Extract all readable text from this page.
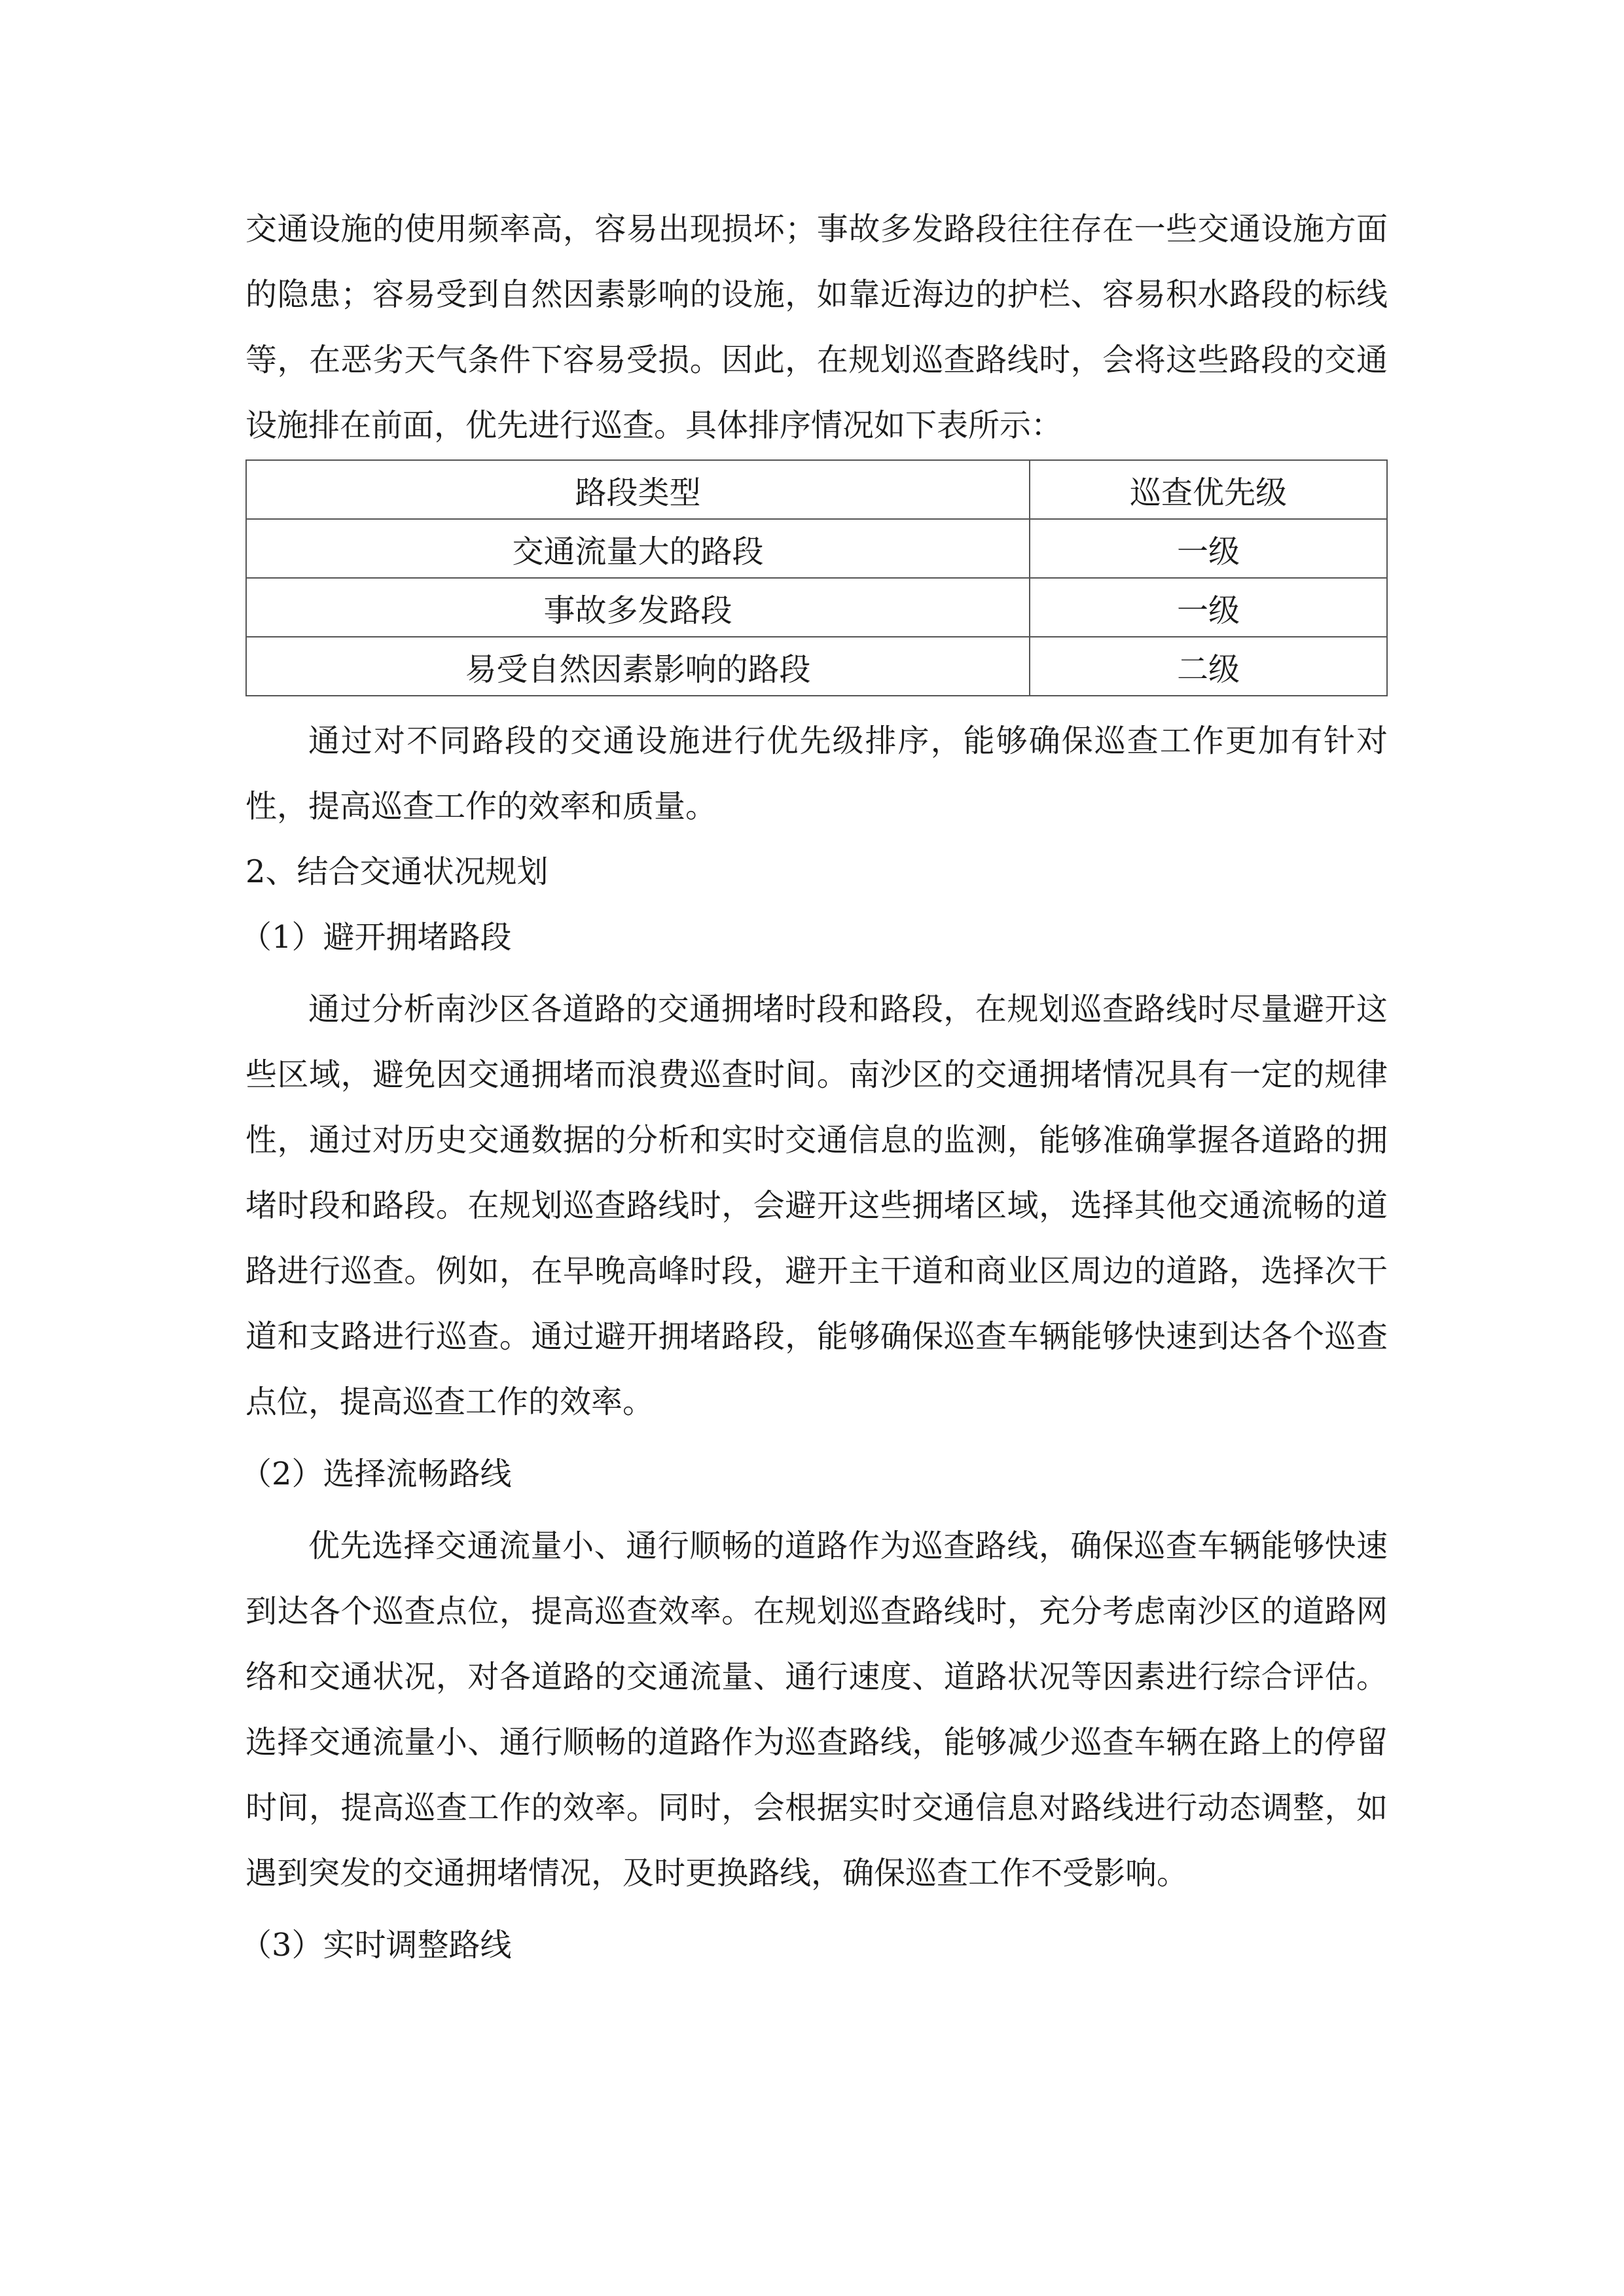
交通设施的使用频率高，容易出现损坏；事故多发路段往往存在一些交通设施方面的隐患；容易受到自然因素影响的设施，如靠近海边的护栏、容易积水路段的标线等，在恶劣天气条件下容易受损。因此，在规划巡查路线时，会将这些路段的交通设施排在前面，优先进行巡查。具体排序情况如下表所示：

路段类型	巡查优先级
交通流量大的路段	一级
事故多发路段	一级
易受自然因素影响的路段	二级

通过对不同路段的交通设施进行优先级排序，能够确保巡查工作更加有针对性，提高巡查工作的效率和质量。

2、结合交通状况规划

（1）避开拥堵路段

通过分析南沙区各道路的交通拥堵时段和路段，在规划巡查路线时尽量避开这些区域，避免因交通拥堵而浪费巡查时间。南沙区的交通拥堵情况具有一定的规律性，通过对历史交通数据的分析和实时交通信息的监测，能够准确掌握各道路的拥堵时段和路段。在规划巡查路线时，会避开这些拥堵区域，选择其他交通流畅的道路进行巡查。例如，在早晚高峰时段，避开主干道和商业区周边的道路，选择次干道和支路进行巡查。通过避开拥堵路段，能够确保巡查车辆能够快速到达各个巡查点位，提高巡查工作的效率。

（2）选择流畅路线

优先选择交通流量小、通行顺畅的道路作为巡查路线，确保巡查车辆能够快速到达各个巡查点位，提高巡查效率。在规划巡查路线时，充分考虑南沙区的道路网络和交通状况，对各道路的交通流量、通行速度、道路状况等因素进行综合评估。选择交通流量小、通行顺畅的道路作为巡查路线，能够减少巡查车辆在路上的停留时间，提高巡查工作的效率。同时，会根据实时交通信息对路线进行动态调整，如遇到突发的交通拥堵情况，及时更换路线，确保巡查工作不受影响。

（3）实时调整路线
